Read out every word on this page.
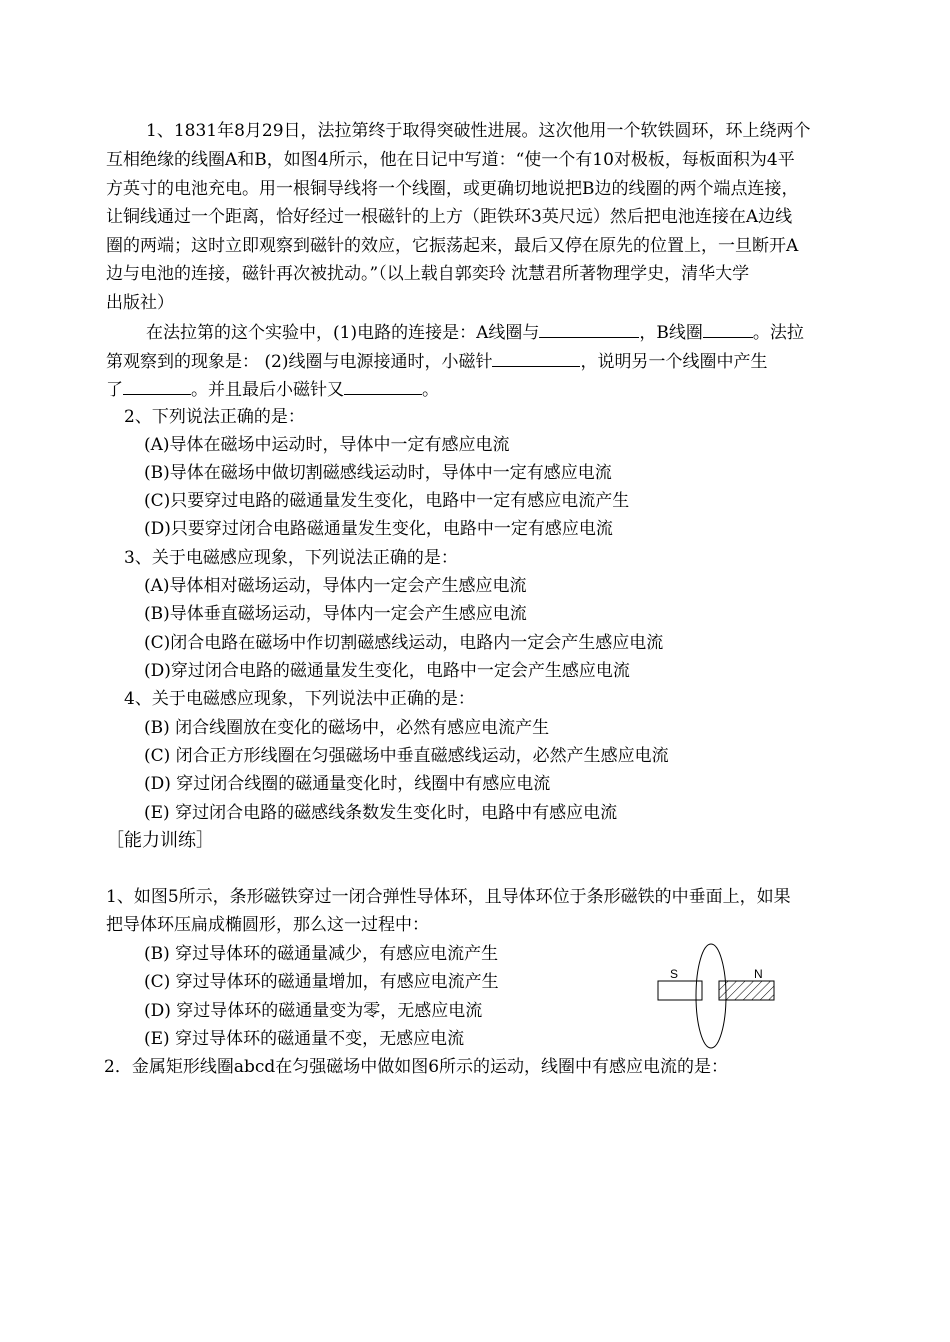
1、1831年8月29日，法拉第终于取得突破性进展。这次他用一个软铁圆环，环上绕两个
互相绝缘的线圈A和B，如图4所示，他在日记中写道：“使一个有10对极板，每板面积为4平
方英寸的电池充电。用一根铜导线将一个线圈，或更确切地说把B边的线圈的两个端点连接，
让铜线通过一个距离，恰好经过一根磁针的上方（距铁环3英尺远）然后把电池连接在A边线
圈的两端；这时立即观察到磁针的效应，它振荡起来，最后又停在原先的位置上，一旦断开A
边与电池的连接，磁针再次被扰动。”（以上载自郭奕玲 沈慧君所著物理学史，清华大学
出版社）
在法拉第的这个实验中，(1)电路的连接是：A线圈与	，B线圈	。法拉
第观察到的现象是： (2)线圈与电源接通时，小磁针	，说明另一个线圈中产生
了	。并且最后小磁针又	。
2、下列说法正确的是：
(A)导体在磁场中运动时，导体中一定有感应电流
(B)导体在磁场中做切割磁感线运动时，导体中一定有感应电流
(C)只要穿过电路的磁通量发生变化，电路中一定有感应电流产生
(D)只要穿过闭合电路磁通量发生变化，电路中一定有感应电流
3、关于电磁感应现象，下列说法正确的是：
(A)导体相对磁场运动，导体内一定会产生感应电流
(B)导体垂直磁场运动，导体内一定会产生感应电流
(C)闭合电路在磁场中作切割磁感线运动，电路内一定会产生感应电流
(D)穿过闭合电路的磁通量发生变化，电路中一定会产生感应电流
4、关于电磁感应现象，下列说法中正确的是：
(B) 闭合线圈放在变化的磁场中，必然有感应电流产生
(C) 闭合正方形线圈在匀强磁场中垂直磁感线运动，必然产生感应电流
(D) 穿过闭合线圈的磁通量变化时，线圈中有感应电流
(E) 穿过闭合电路的磁感线条数发生变化时，电路中有感应电流
［能力训练］
1、如图5所示，条形磁铁穿过一闭合弹性导体环，且导体环位于条形磁铁的中垂面上，如果
把导体环压扁成椭圆形，那么这一过程中：
(B) 穿过导体环的磁通量减少，有感应电流产生
(C) 穿过导体环的磁通量增加，有感应电流产生
(D) 穿过导体环的磁通量变为零，无感应电流
(E) 穿过导体环的磁通量不变，无感应电流
S	N
2．金属矩形线圈abcd在匀强磁场中做如图6所示的运动，线圈中有感应电流的是：
